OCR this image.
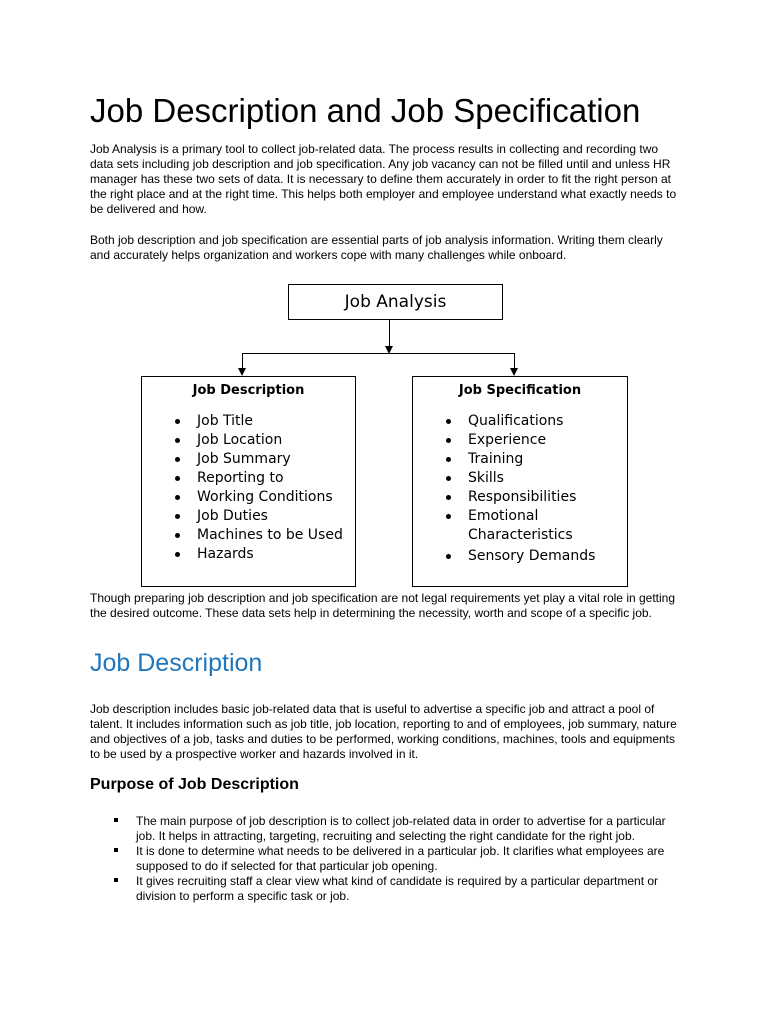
Job Description and Job Specification

Job Analysis is a primary tool to collect job-related data. The process results in collecting and recording two data sets including job description and job specification. Any job vacancy can not be filled until and unless HR manager has these two sets of data. It is necessary to define them accurately in order to fit the right person at the right place and at the right time. This helps both employer and employee understand what exactly needs to be delivered and how.

Both job description and job specification are essential parts of job analysis information. Writing them clearly and accurately helps organization and workers cope with many challenges while onboard.

Though preparing job description and job specification are not legal requirements yet play a vital role in getting the desired outcome. These data sets help in determining the necessity, worth and scope of a specific job.

Job Description

Job description includes basic job-related data that is useful to advertise a specific job and attract a pool of talent. It includes information such as job title, job location, reporting to and of employees, job summary, nature and objectives of a job, tasks and duties to be performed, working conditions, machines, tools and equipments to be used by a prospective worker and hazards involved in it.

Purpose of Job Description
The main purpose of job description is to collect job-related data in order to advertise for a particular job. It helps in attracting, targeting, recruiting and selecting the right candidate for the right job.
It is done to determine what needs to be delivered in a particular job. It clarifies what employees are supposed to do if selected for that particular job opening.
It gives recruiting staff a clear view what kind of candidate is required by a particular department or division to perform a specific task or job.
Job Analysis
Job Description
Job Title
Job Location
Job Summary
Reporting to
Working Conditions
Job Duties
Machines to be Used
Hazards
Job Specification
Qualifications
Experience
Training
Skills
Responsibilities
Emotional Characteristics
Sensory Demands
